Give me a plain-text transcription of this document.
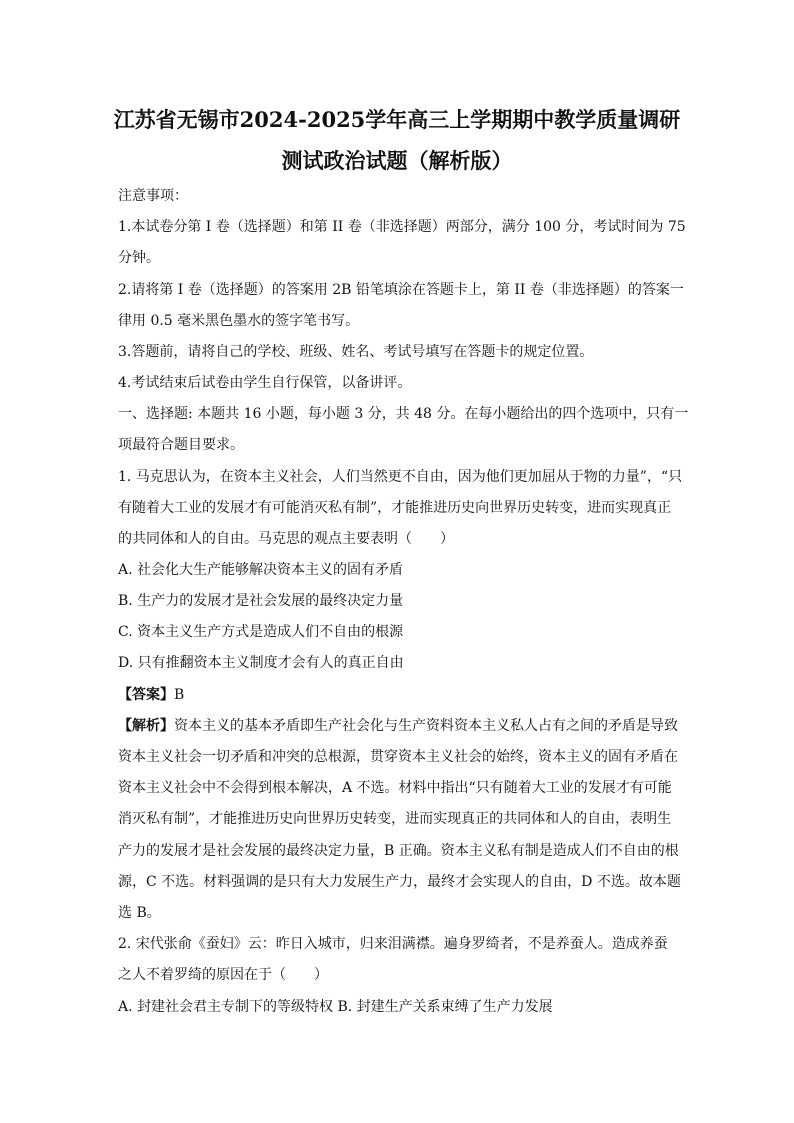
江苏省无锡市2024-2025学年高三上学期期中教学质量调研
测试政治试题（解析版）
注意事项：
1.本试卷分第 I 卷（选择题）和第 II 卷（非选择题）两部分，满分 100 分，考试时间为 75
分钟。
2.请将第 I 卷（选择题）的答案用 2B 铅笔填涂在答题卡上，第 II 卷（非选择题）的答案一
律用 0.5 毫米黑色墨水的签字笔书写。
3.答题前，请将自己的学校、班级、姓名、考试号填写在答题卡的规定位置。
4.考试结束后试卷由学生自行保管，以备讲评。
一、选择题: 本题共 16 小题，每小题 3 分，共 48 分。在每小题给出的四个选项中，只有一
项最符合题目要求。
1. 马克思认为，在资本主义社会，人们当然更不自由，因为他们更加屈从于物的力量”，“只
有随着大工业的发展才有可能消灭私有制”，才能推进历史向世界历史转变，进而实现真正
的共同体和人的自由。马克思的观点主要表明（　　）
A. 社会化大生产能够解决资本主义的固有矛盾
B. 生产力的发展才是社会发展的最终决定力量
C. 资本主义生产方式是造成人们不自由的根源
D. 只有推翻资本主义制度才会有人的真正自由
【答案】B
【解析】资本主义的基本矛盾即生产社会化与生产资料资本主义私人占有之间的矛盾是导致
资本主义社会一切矛盾和冲突的总根源，贯穿资本主义社会的始终，资本主义的固有矛盾在
资本主义社会中不会得到根本解决，A 不选。材料中指出“只有随着大工业的发展才有可能
消灭私有制”，才能推进历史向世界历史转变，进而实现真正的共同体和人的自由，表明生
产力的发展才是社会发展的最终决定力量，B 正确。资本主义私有制是造成人们不自由的根
源，C 不选。材料强调的是只有大力发展生产力，最终才会实现人的自由，D 不选。故本题
选 B。
2. 宋代张俞《蚕妇》云：昨日入城市，归来泪满襟。遍身罗绮者，不是养蚕人。造成养蚕
之人不着罗绮的原因在于（　　）
A. 封建社会君主专制下的等级特权 B. 封建生产关系束缚了生产力发展
